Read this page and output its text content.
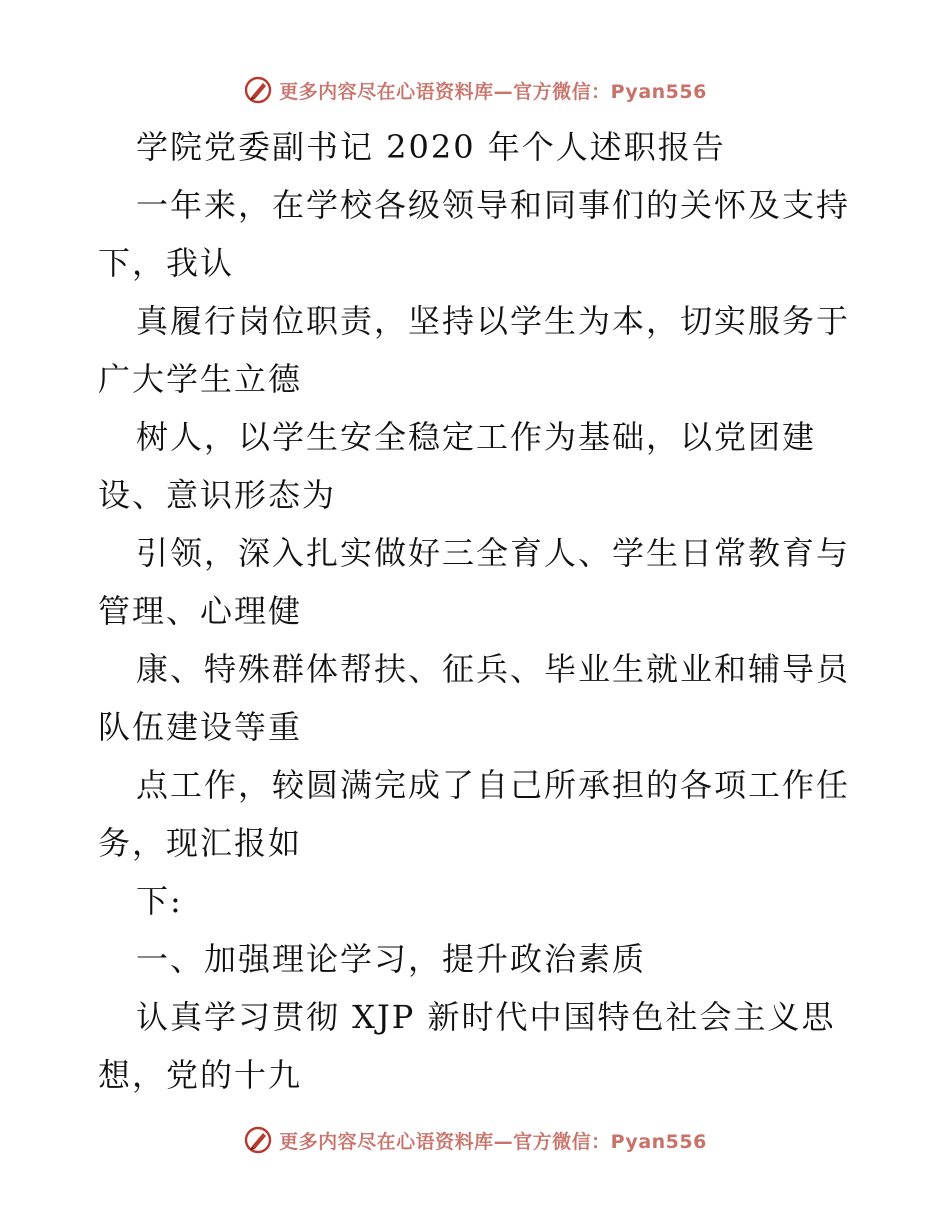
更多内容尽在心语资料库—官方微信：Pyan556
学院党委副书记 2020 年个人述职报告
一年来，在学校各级领导和同事们的关怀及支持
下，我认
真履行岗位职责，坚持以学生为本，切实服务于
广大学生立德
树人，以学生安全稳定工作为基础，以党团建
设、意识形态为
引领，深入扎实做好三全育人、学生日常教育与
管理、心理健
康、特殊群体帮扶、征兵、毕业生就业和辅导员
队伍建设等重
点工作，较圆满完成了自己所承担的各项工作任
务，现汇报如
下:
一、加强理论学习，提升政治素质
认真学习贯彻 XJP 新时代中国特色社会主义思
想，党的十九
更多内容尽在心语资料库—官方微信：Pyan556
